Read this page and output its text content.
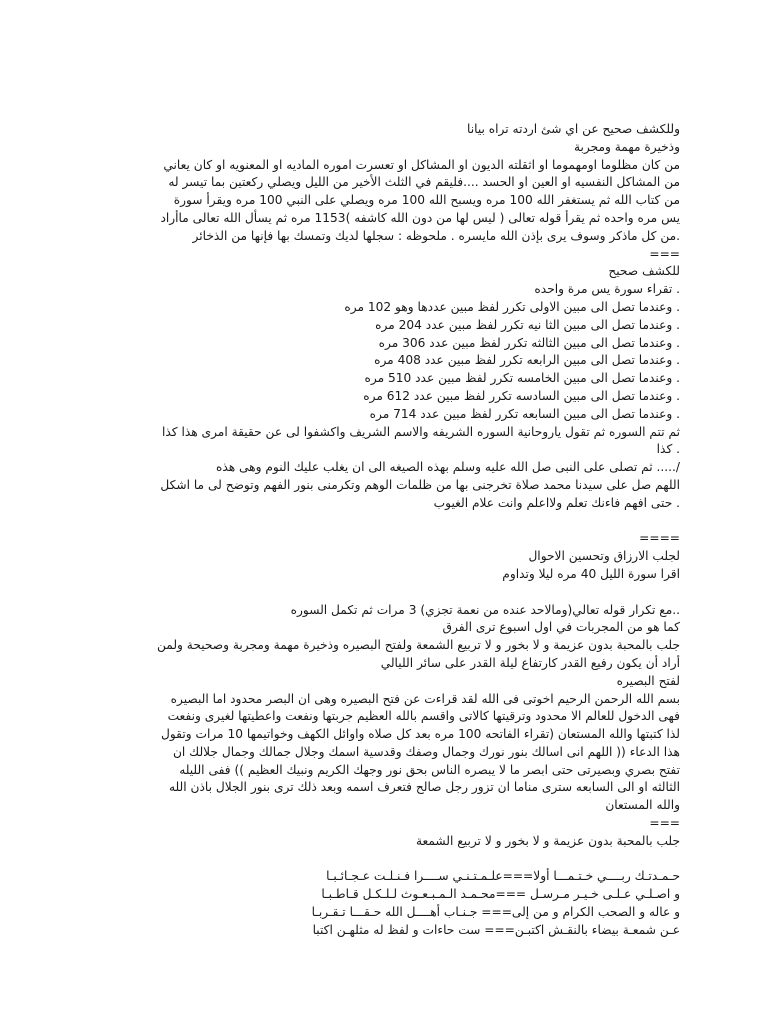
وللكشف صحيح عن اي شئ اردته تراه بيانا
وذخيرة مهمة ومجربة
من كان مظلوما اومهموما او اثقلته الديون او المشاكل او تعسرت اموره الماديه او المعنويه او كان يعاني
من المشاكل النفسيه او العين او الحسد ....فليقم في الثلث الأخير من الليل ويصلي ركعتين بما تيسر له
من كتاب الله ثم يستغفر الله 100 مره ويسبح الله 100 مره ويصلي على النبي 100 مره ويقرأ سورة
يس مره واحده ثم يقرأ قوله تعالى ( ليس لها من دون الله كاشفه )1153 مره ثم يسأل الله تعالى ماأراد
.من كل ماذكر وسوف يرى بإذن الله مايسره . ملحوظه : سجلها لديك وتمسك بها فإنها من الذخائر
===
للكشف صحيح
. تقراء سورة يس مرة واحده
. وعندما تصل الى مبين الاولى تكرر لفظ مبين عددها وهو 102 مره
. وعندما تصل الى مبين الثا نيه تكرر لفظ مبين عدد 204 مره
. وعندما تصل الى مبين الثالثه تكرر لفظ مبين عدد 306 مره
. وعندما تصل الى مبين الرابعه تكرر لفظ مبين عدد 408 مره
. وعندما تصل الى مبين الخامسه تكرر لفظ مبين عدد 510 مره
. وعندما تصل الى مبين السادسه تكرر لفظ مبين عدد 612 مره
. وعندما تصل الى مبين السابعه تكرر لفظ مبين عدد 714 مره
ثم تتم السوره ثم تقول ياروحانية السوره الشريفه والاسم الشريف واكشفوا لى عن حقيقة امرى هذا كذا
. كذا
/..... ثم تصلى على النبى صل الله عليه وسلم بهذه الصيغه الى ان يغلب عليك النوم وهى هذه
اللهم صل على سيدنا محمد صلاة تخرجنى بها من ظلمات الوهم وتكرمنى بنور الفهم وتوضح لى ما اشكل
. حتى افهم فاءنك تعلم ولااعلم وانت علام الغيوب
====
لجلب الارزاق وتحسين الاحوال
اقرا سورة الليل 40 مره ليلا وتداوم
..مع تكرار قوله تعالي(ومالاحد عنده من نعمة تجزي) 3 مرات ثم تكمل السوره
كما هو من المجربات في اول اسبوع ترى الفرق
جلب بالمحبة بدون عزيمة و لا بخور و لا تربيع الشمعة ولفتح البصيره وذخيرة مهمة ومجربة وصحيحة ولمن
أراد أن يكون رفيع القدر كارتفاع ليلة القدر على سائر الليالي
لفتح البصيره
بسم الله الرحمن الرحيم اخوتى فى الله لقد قراءت عن فتح البصيره وهى ان البصر محدود اما البصيره
فهى الدخول للعالم الا محدود وترقيتها كالاتى واقسم بالله العظيم جربتها ونفعت واعطيتها لغيرى ونفعت
لذا كتبتها والله المستعان (تقراء الفاتحه 100 مره بعد كل صلاه واوائل الكهف وخواتيمها 10 مرات وتقول
هذا الدعاء (( اللهم انى اسالك بنور نورك وجمال وصفك وقدسية اسمك وجلال جمالك وجمال جلالك ان
تفتح بصري وبصيرتى حتى ابصر ما لا يبصره الناس بحق نور وجهك الكريم ونبيك العظيم )) ففى الليله
الثالثه او الى السابعه سترى مناما ان تزور رجل صالح فتعرف اسمه وبعد ذلك ترى بنور الجلال باذن الله
والله المستعان
===
جلب بالمحبة بدون عزيمة و لا بخور و لا تربيع الشمعة
حـمـدتـك ربــــي خـتـمـــا أولا===علـمـتـنـي ســــرا فـنـلـت عـجـائـبـا
و اصـلـي عـلـى خـيـر مـرسـل ===محـمـد الـمـبـعـوث لـلـكـل قـاطـبـا
و عاله و الصحب الكرام و من إلى=== جـنـاب أهــــل الله حـقـــا تـقـربـا
عـن شمعـة بيضاء بالنقـش اكتبـن=== ست حاءات و لفظ له مثلهـن اكتبا
